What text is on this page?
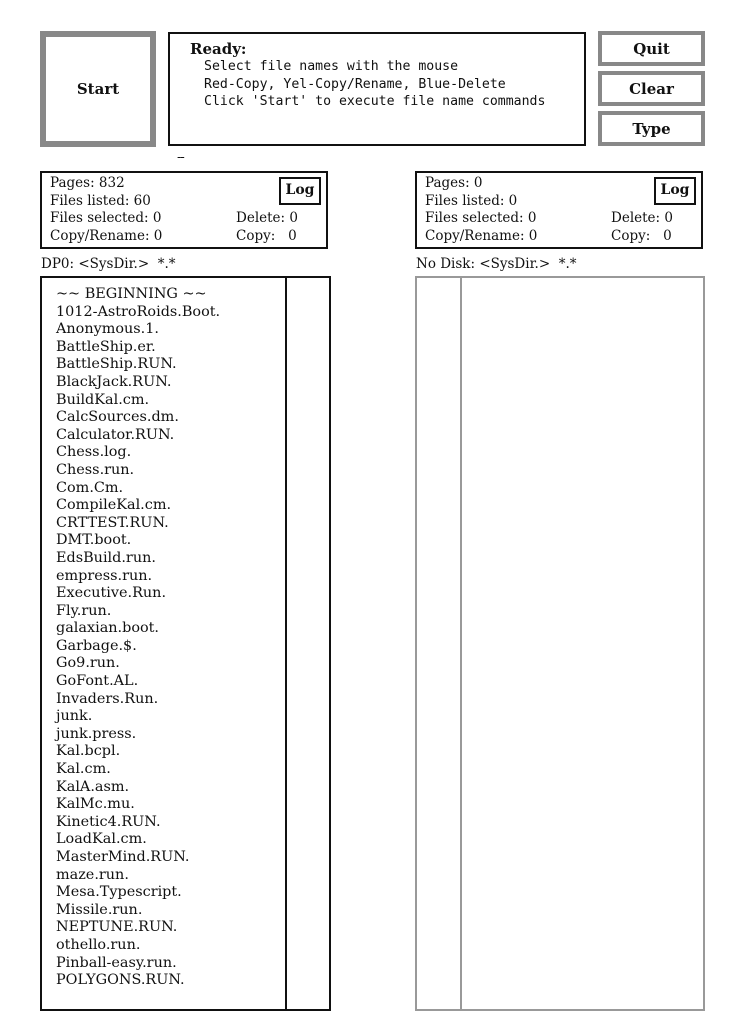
Start
Ready:
Select file names with the mouse
Red-Copy, Yel-Copy/Rename, Blue-Delete
Click 'Start' to execute file name commands
Quit
Clear
Type
--
Pages: 832
Files listed: 60
Files selected: 0	Delete: 0
Copy/Rename: 0	Copy:   0
Log	Pages: 0
Files listed: 0
Files selected: 0	Delete: 0
Copy/Rename: 0	Copy:   0
Log
DP0: <SysDir.>  *.*	No Disk: <SysDir.>  *.*
~~ BEGINNING ~~
1012-AstroRoids.Boot.
Anonymous.1.
BattleShip.er.
BattleShip.RUN.
BlackJack.RUN.
BuildKal.cm.
CalcSources.dm.
Calculator.RUN.
Chess.log.
Chess.run.
Com.Cm.
CompileKal.cm.
CRTTEST.RUN.
DMT.boot.
EdsBuild.run.
empress.run.
Executive.Run.
Fly.run.
galaxian.boot.
Garbage.$.
Go9.run.
GoFont.AL.
Invaders.Run.
junk.
junk.press.
Kal.bcpl.
Kal.cm.
KalA.asm.
KalMc.mu.
Kinetic4.RUN.
LoadKal.cm.
MasterMind.RUN.
maze.run.
Mesa.Typescript.
Missile.run.
NEPTUNE.RUN.
othello.run.
Pinball-easy.run.
POLYGONS.RUN.
